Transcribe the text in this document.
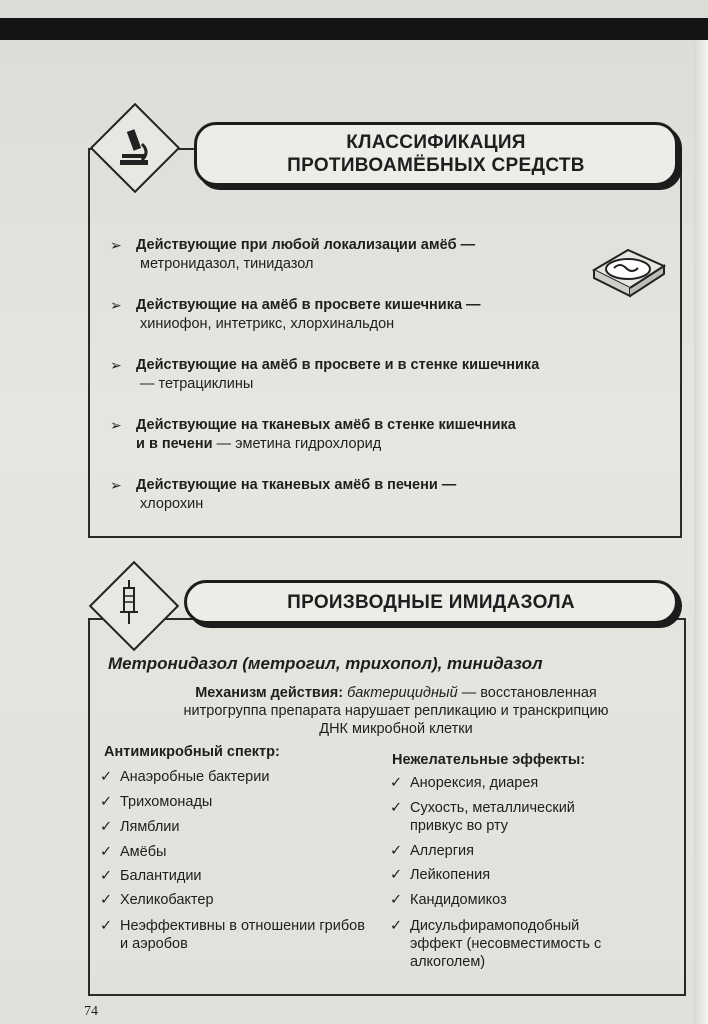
КЛАССИФИКАЦИЯ
ПРОТИВОАМЁБНЫХ СРЕДСТВ
➢ Действующие при любой локализации амёб —
метронидазол, тинидазол
➢ Действующие на амёб в просвете кишечника —
хиниофон, интетрикс, хлорхинальдон
➢ Действующие на амёб в просвете и в стенке кишечника
— тетрациклины
➢ Действующие на тканевых амёб в стенке кишечника
и в печени — эметина гидрохлорид
➢ Действующие на тканевых амёб в печени —
хлорохин
ПРОИЗВОДНЫЕ ИМИДАЗОЛА
Метронидазол (метрогил, трихопол), тинидазол
Механизм действия: бактерицидный — восстановленная
нитрогруппа препарата нарушает репликацию и транскрипцию
ДНК микробной клетки
Антимикробный спектр:	Нежелательные эффекты:
✓ Анаэробные бактерии
✓ Трихомонады
✓ Лямблии
✓ Амёбы
✓ Балантидии
✓ Хеликобактер
✓ Неэффективны в отношении грибов и аэробов
✓ Анорексия, диарея
✓ Сухость, металлический привкус во рту
✓ Аллергия
✓ Лейкопения
✓ Кандидомикоз
✓ Дисульфирамоподобный эффект (несовместимость с алкоголем)
74
